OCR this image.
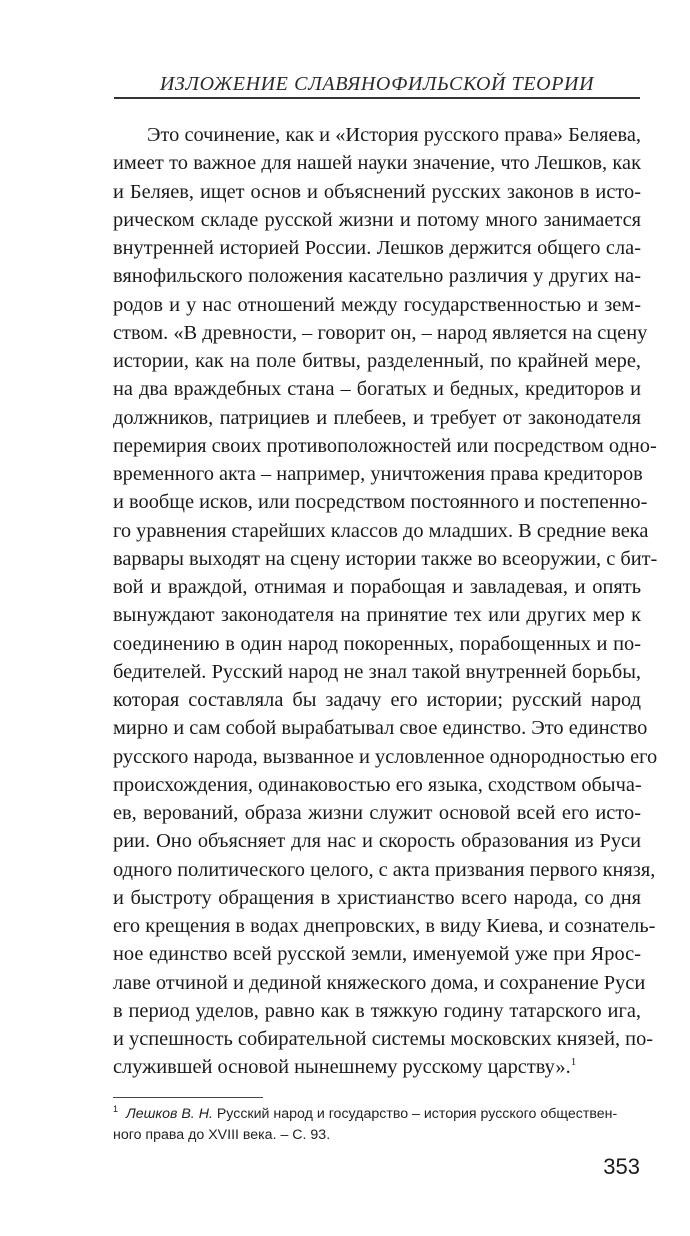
ИЗЛОЖЕНИЕ СЛАВЯНОФИЛЬСКОЙ ТЕОРИИ
Это сочинение, как и «История русского права» Беляева,
имеет то важное для нашей науки значение, что Лешков, как
и Беляев, ищет основ и объяснений русских законов в исто-
рическом складе русской жизни и потому много занимается
внутренней историей России. Лешков держится общего сла-
вянофильского положения касательно различия у других на-
родов и у нас отношений между государственностью и зем-
ством. «В древности, – говорит он, – народ является на сцену
истории, как на поле битвы, разделенный, по крайней мере,
на два враждебных стана – богатых и бедных, кредиторов и
должников, патрициев и плебеев, и требует от законодателя
перемирия своих противоположностей или посредством одно-
временного акта – например, уничтожения права кредиторов
и вообще исков, или посредством постоянного и постепенно-
го уравнения старейших классов до младших. В средние века
варвары выходят на сцену истории также во всеоружии, с бит-
вой и враждой, отнимая и порабощая и завладевая, и опять
вынуждают законодателя на принятие тех или других мер к
соединению в один народ покоренных, порабощенных и по-
бедителей. Русский народ не знал такой внутренней борьбы,
которая составляла бы задачу его истории; русский народ
мирно и сам собой вырабатывал свое единство. Это единство
русского народа, вызванное и условленное однородностью его
происхождения, одинаковостью его языка, сходством обыча-
ев, верований, образа жизни служит основой всей его исто-
рии. Оно объясняет для нас и скорость образования из Руси
одного политического целого, с акта призвания первого князя,
и быстроту обращения в христианство всего народа, со дня
его крещения в водах днепровских, в виду Киева, и сознатель-
ное единство всей русской земли, именуемой уже при Ярос-
лаве отчиной и дединой княжеского дома, и сохранение Руси
в период уделов, равно как в тяжкую годину татарского ига,
и успешность собирательной системы московских князей, по-
служившей основой нынешнему русскому царству».$^1$
$^1$ Лешков В. Н. Русский народ и государство – история русского обществен-
ного права до XVIII века. – С. 93.
353
